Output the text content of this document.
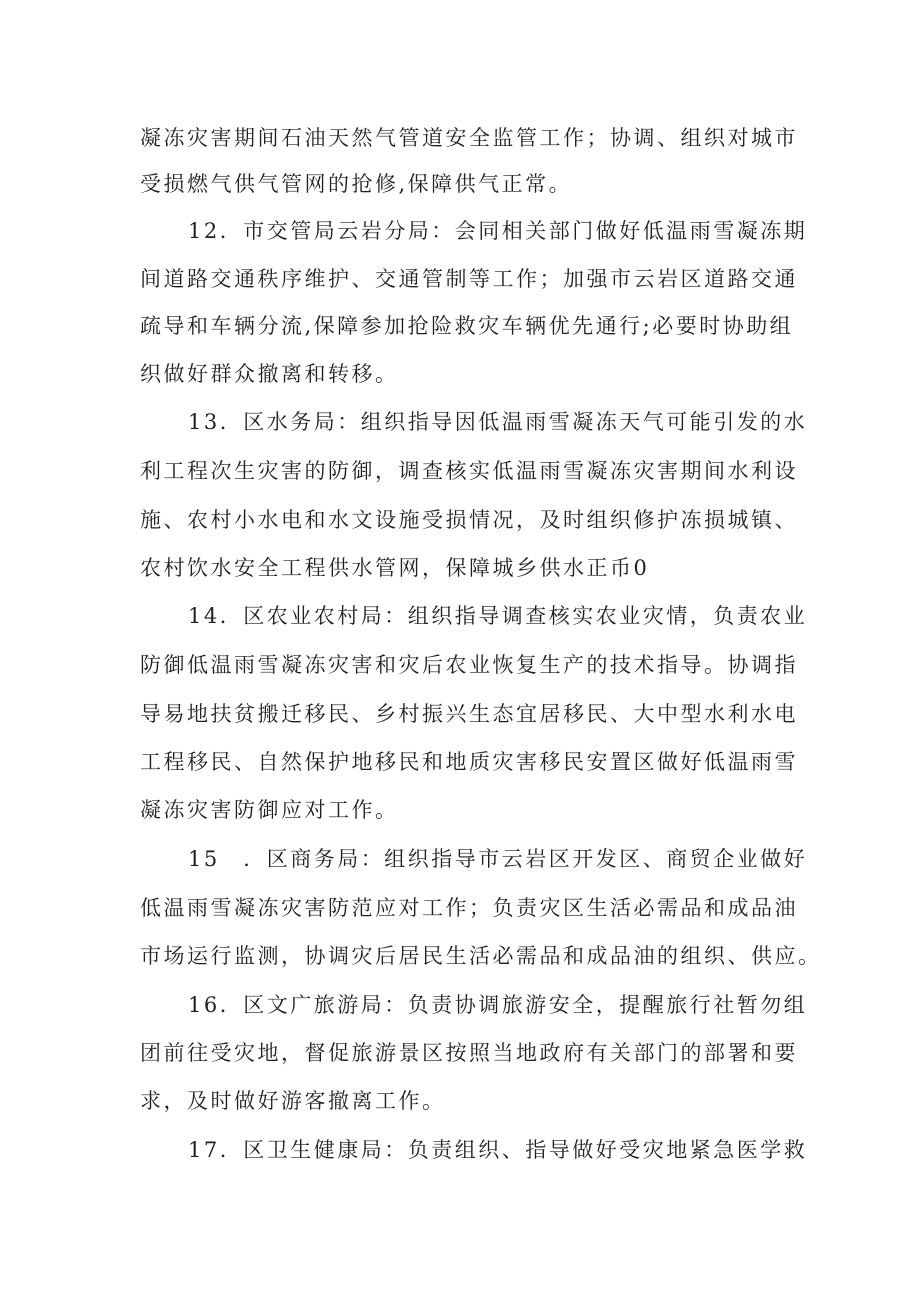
凝冻灾害期间石油天然气管道安全监管工作；协调、组织对城市
受损燃气供气管网的抢修,保障供气正常。
12．市交管局云岩分局：会同相关部门做好低温雨雪凝冻期
间道路交通秩序维护、交通管制等工作；加强市云岩区道路交通
疏导和车辆分流,保障参加抢险救灾车辆优先通行;必要时协助组
织做好群众撤离和转移。
13．区水务局：组织指导因低温雨雪凝冻天气可能引发的水
利工程次生灾害的防御，调查核实低温雨雪凝冻灾害期间水利设
施、农村小水电和水文设施受损情况，及时组织修护冻损城镇、
农村饮水安全工程供水管网，保障城乡供水正币0
14．区农业农村局：组织指导调查核实农业灾情，负责农业
防御低温雨雪凝冻灾害和灾后农业恢复生产的技术指导。协调指
导易地扶贫搬迁移民、乡村振兴生态宜居移民、大中型水利水电
工程移民、自然保护地移民和地质灾害移民安置区做好低温雨雪
凝冻灾害防御应对工作。
15　．区商务局：组织指导市云岩区开发区、商贸企业做好
低温雨雪凝冻灾害防范应对工作；负责灾区生活必需品和成品油
市场运行监测，协调灾后居民生活必需品和成品油的组织、供应。
16．区文广旅游局：负责协调旅游安全，提醒旅行社暂勿组
团前往受灾地，督促旅游景区按照当地政府有关部门的部署和要
求，及时做好游客撤离工作。
17．区卫生健康局：负责组织、指导做好受灾地紧急医学救
